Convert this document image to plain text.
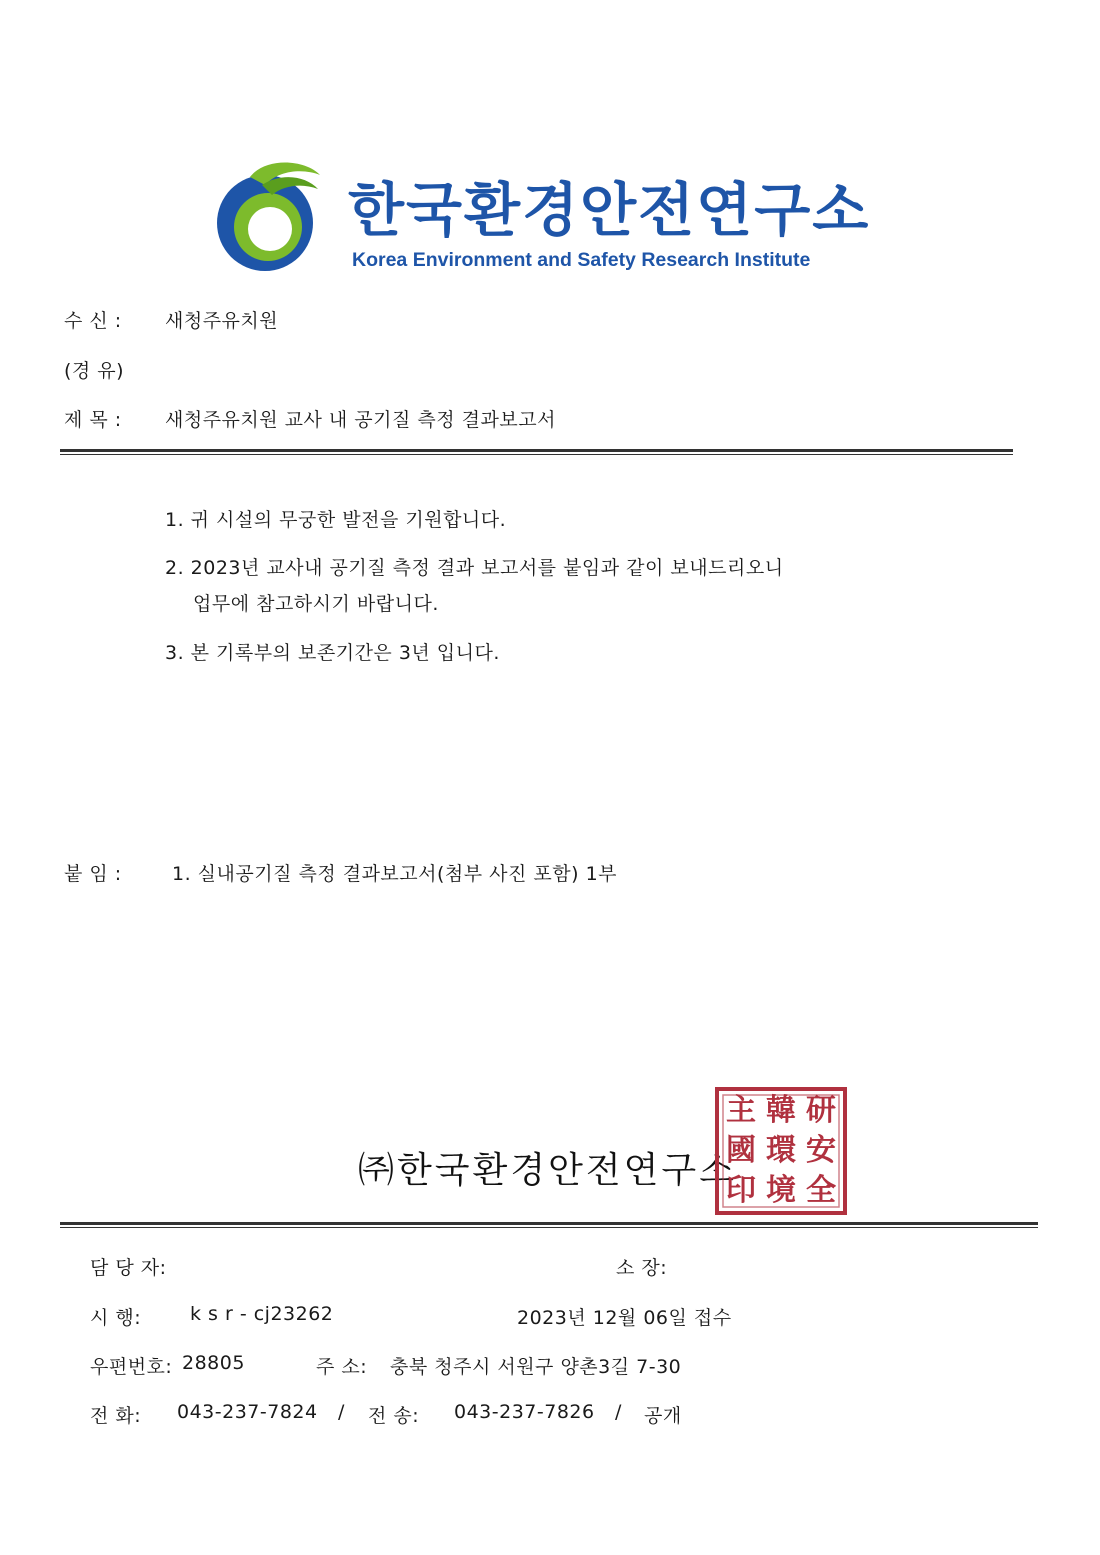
한국환경안전연구소
Korea Environment and Safety Research Institute
수 신 : 새청주유치원
(경 유)
제 목 : 새청주유치원 교사 내 공기질 측정 결과보고서
1. 귀 시설의 무궁한 발전을 기원합니다.
2. 2023년 교사내 공기질 측정 결과 보고서를 붙임과 같이 보내드리오니
업무에 참고하시기 바랍니다.
3. 본 기록부의 보존기간은 3년 입니다.
붙 임 :	1. 실내공기질 측정 결과보고서(첨부 사진 포함) 1부
㈜한국환경안전연구소
主 韓 研
國 環 安
印 境 全
담 당 자:	소 장:
시 행:	k s r - cj23262	2023년 12월 06일 접수
우편번호: 28805	주 소: 충북 청주시 서원구 양촌3길 7-30
전 화: 043-237-7824 / 전 송: 043-237-7826 / 공개
